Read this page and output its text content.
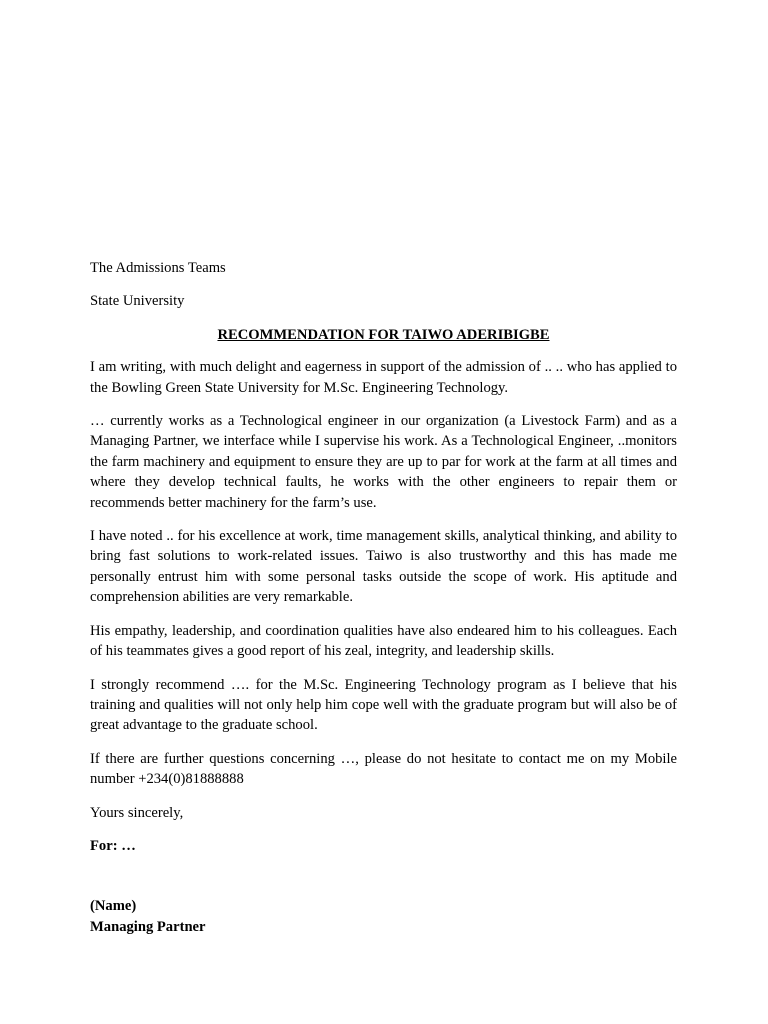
The Admissions Teams

State University

RECOMMENDATION FOR TAIWO ADERIBIGBE

I am writing, with much delight and eagerness in support of the admission of .. .. who has applied to the Bowling Green State University for M.Sc. Engineering Technology.

… currently works as a Technological engineer in our organization (a Livestock Farm) and as a Managing Partner, we interface while I supervise his work. As a Technological Engineer, ..monitors the farm machinery and equipment to ensure they are up to par for work at the farm at all times and where they develop technical faults, he works with the other engineers to repair them or recommends better machinery for the farm’s use.

I have noted .. for his excellence at work, time management skills, analytical thinking, and ability to bring fast solutions to work-related issues. Taiwo is also trustworthy and this has made me personally entrust him with some personal tasks outside the scope of work. His aptitude and comprehension abilities are very remarkable.

His empathy, leadership, and coordination qualities have also endeared him to his colleagues. Each of his teammates gives a good report of his zeal, integrity, and leadership skills.

I strongly recommend …. for the M.Sc. Engineering Technology program as I believe that his training and qualities will not only help him cope well with the graduate program but will also be of great advantage to the graduate school.

If there are further questions concerning …, please do not hesitate to contact me on my Mobile number +234(0)81888888

Yours sincerely,

For: …

(Name)

Managing Partner
